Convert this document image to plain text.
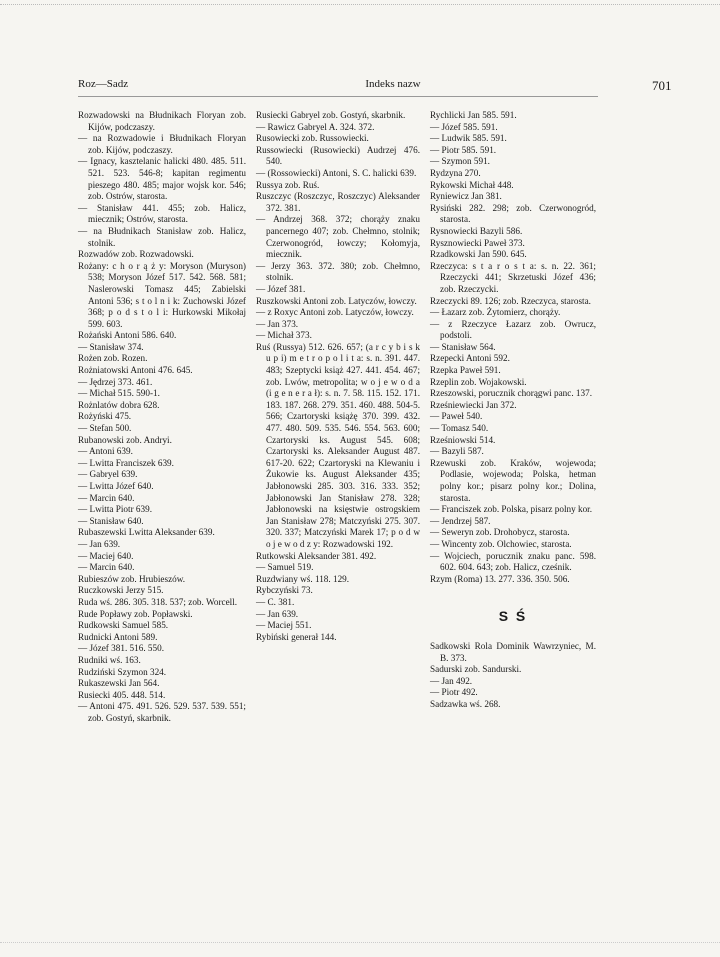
Roz—Sadz	Indeks nazw	701

Rozwadowski na Błudnikach Floryan zob. Kijów, podczaszy.

— na Rozwadowie i Błudnikach Floryan zob. Kijów, podczaszy.

— Ignacy, kasztelanic halicki 480. 485. 511. 521. 523. 546-8; kapitan regimentu pieszego 480. 485; major wojsk kor. 546; zob. Ostrów, starosta.

— Stanisław 441. 455; zob. Halicz, miecznik; Ostrów, starosta.

— na Błudnikach Stanisław zob. Halicz, stolnik.

Rozwadów zob. Rozwadowski.

Rożany: c h o r ą ż y: Moryson (Muryson) 538; Moryson Józef 517. 542. 568. 581; Naslerowski Tomasz 445; Zabielski Antoni 536; s t o l n i k: Zuchowski Józef 368; p o d s t o l i: Hurkowski Mikołaj 599. 603.

Rożański Antoni 586. 640.

— Stanisław 374.

Rożen zob. Rozen.

Rożniatowski Antoni 476. 645.

— Jędrzej 373. 461.

— Michał 515. 590-1.

Rożnlatów dobra 628.

Rożyński 475.

— Stefan 500.

Rubanowski zob. Andryi.

— Antoni 639.

— Lwitta Franciszek 639.

— Gabryel 639.

— Lwitta Józef 640.

— Marcin 640.

— Lwitta Piotr 639.

— Stanisław 640.

Rubaszewski Lwitta Aleksander 639.

— Jan 639.

— Maciej 640.

— Marcin 640.

Rubieszów zob. Hrubieszów.

Ruczkowski Jerzy 515.

Ruda wś. 286. 305. 318. 537; zob. Worcell.

Rude Popławy zob. Popławski.

Rudkowski Samuel 585.

Rudnicki Antoni 589.

— Józef 381. 516. 550.

Rudniki wś. 163.

Rudziński Szymon 324.

Rukaszewski Jan 564.

Rusiecki 405. 448. 514.

— Antoni 475. 491. 526. 529. 537. 539. 551; zob. Gostyń, skarbnik.

Rusiecki Gabryel zob. Gostyń, skarbnik.

— Rawicz Gabryel A. 324. 372.

Rusowiecki zob. Russowiecki.

Russowiecki (Rusowiecki) Audrzej 476. 540.

— (Rossowiecki) Antoni, S. C. halicki 639.

Russya zob. Ruś.

Ruszczyc (Roszczyc, Roszczyc) Aleksander 372. 381.

— Andrzej 368. 372; chorąży znaku pancernego 407; zob. Chełmno, stolnik; Czerwonogród, łowczy; Kołomyja, miecznik.

— Jerzy 363. 372. 380; zob. Chełmno, stolnik.

— Józef 381.

Ruszkowski Antoni zob. Latyczów, łowczy.

— z Roxyc Antoni zob. Latyczów, łowczy.

— Jan 373.

— Michał 373.

Ruś (Russya) 512. 626. 657; (a r c y b i s k u p i) m e t r o p o l i t a: s. n. 391. 447. 483; Szeptycki książ 427. 441. 454. 467; zob. Lwów, metropolita; w o j e w o d a (i g e n e r a ł): s. n. 7. 58. 115. 152. 171. 183. 187. 268. 279. 351. 460. 488. 504-5. 566; Czartoryski książę 370. 399. 432. 477. 480. 509. 535. 546. 554. 563. 600; Czartoryski ks. August 545. 608; Czartoryski ks. Aleksander August 487. 617-20. 622; Czartoryski na Klewaniu i Żukowie ks. August Aleksander 435; Jabłonowski 285. 303. 316. 333. 352; Jabłonowski Jan Stanisław 278. 328; Jabłonowski na księstwie ostrogskiem Jan Stanisław 278; Matczyński 275. 307. 320. 337; Matczyński Marek 17; p o d w o j e w o d z y: Rozwadowski 192.

Rutkowski Aleksander 381. 492.

— Samuel 519.

Ruzdwiany wś. 118. 129.

Rybczyński 73.

— C. 381.

— Jan 639.

— Maciej 551.

Rybiński generał 144.

Rychlicki Jan 585. 591.

— Józef 585. 591.

— Ludwik 585. 591.

— Piotr 585. 591.

— Szymon 591.

Rydzyna 270.

Rykowski Michał 448.

Ryniewicz Jan 381.

Rysiński 282. 298; zob. Czerwonogród, starosta.

Rysnowiecki Bazyli 586.

Rysznowiecki Paweł 373.

Rzadkowski Jan 590. 645.

Rzeczyca: s t a r o s t a: s. n. 22. 361; Rzeczycki 441; Skrzetuski Józef 436; zob. Rzeczycki.

Rzeczycki 89. 126; zob. Rzeczyca, starosta.

— Łazarz zob. Żytomierz, chorąży.

— z Rzeczyce Łazarz zob. Owrucz, podstoli.

— Stanisław 564.

Rzepecki Antoni 592.

Rzepka Paweł 591.

Rzeplin zob. Wojakowski.

Rzeszowski, porucznik chorągwi panc. 137.

Rześniewiecki Jan 372.

— Paweł 540.

— Tomasz 540.

Rześniowski 514.

— Bazyli 587.

Rzewuski zob. Kraków, wojewoda; Podlasie, wojewoda; Polska, hetman polny kor.; pisarz polny kor.; Dolina, starosta.

— Franciszek zob. Polska, pisarz polny kor.

— Jendrzej 587.

— Seweryn zob. Drohobycz, starosta.

— Wincenty zob. Olchowiec, starosta.

— Wojciech, porucznik znaku panc. 598. 602. 604. 643; zob. Halicz, cześnik.

Rzym (Roma) 13. 277. 336. 350. 506.

S Ś

Sadkowski Rola Dominik Wawrzyniec, M. B. 373.

Sadurski zob. Sandurski.

— Jan 492.

— Piotr 492.

Sadzawka wś. 268.
